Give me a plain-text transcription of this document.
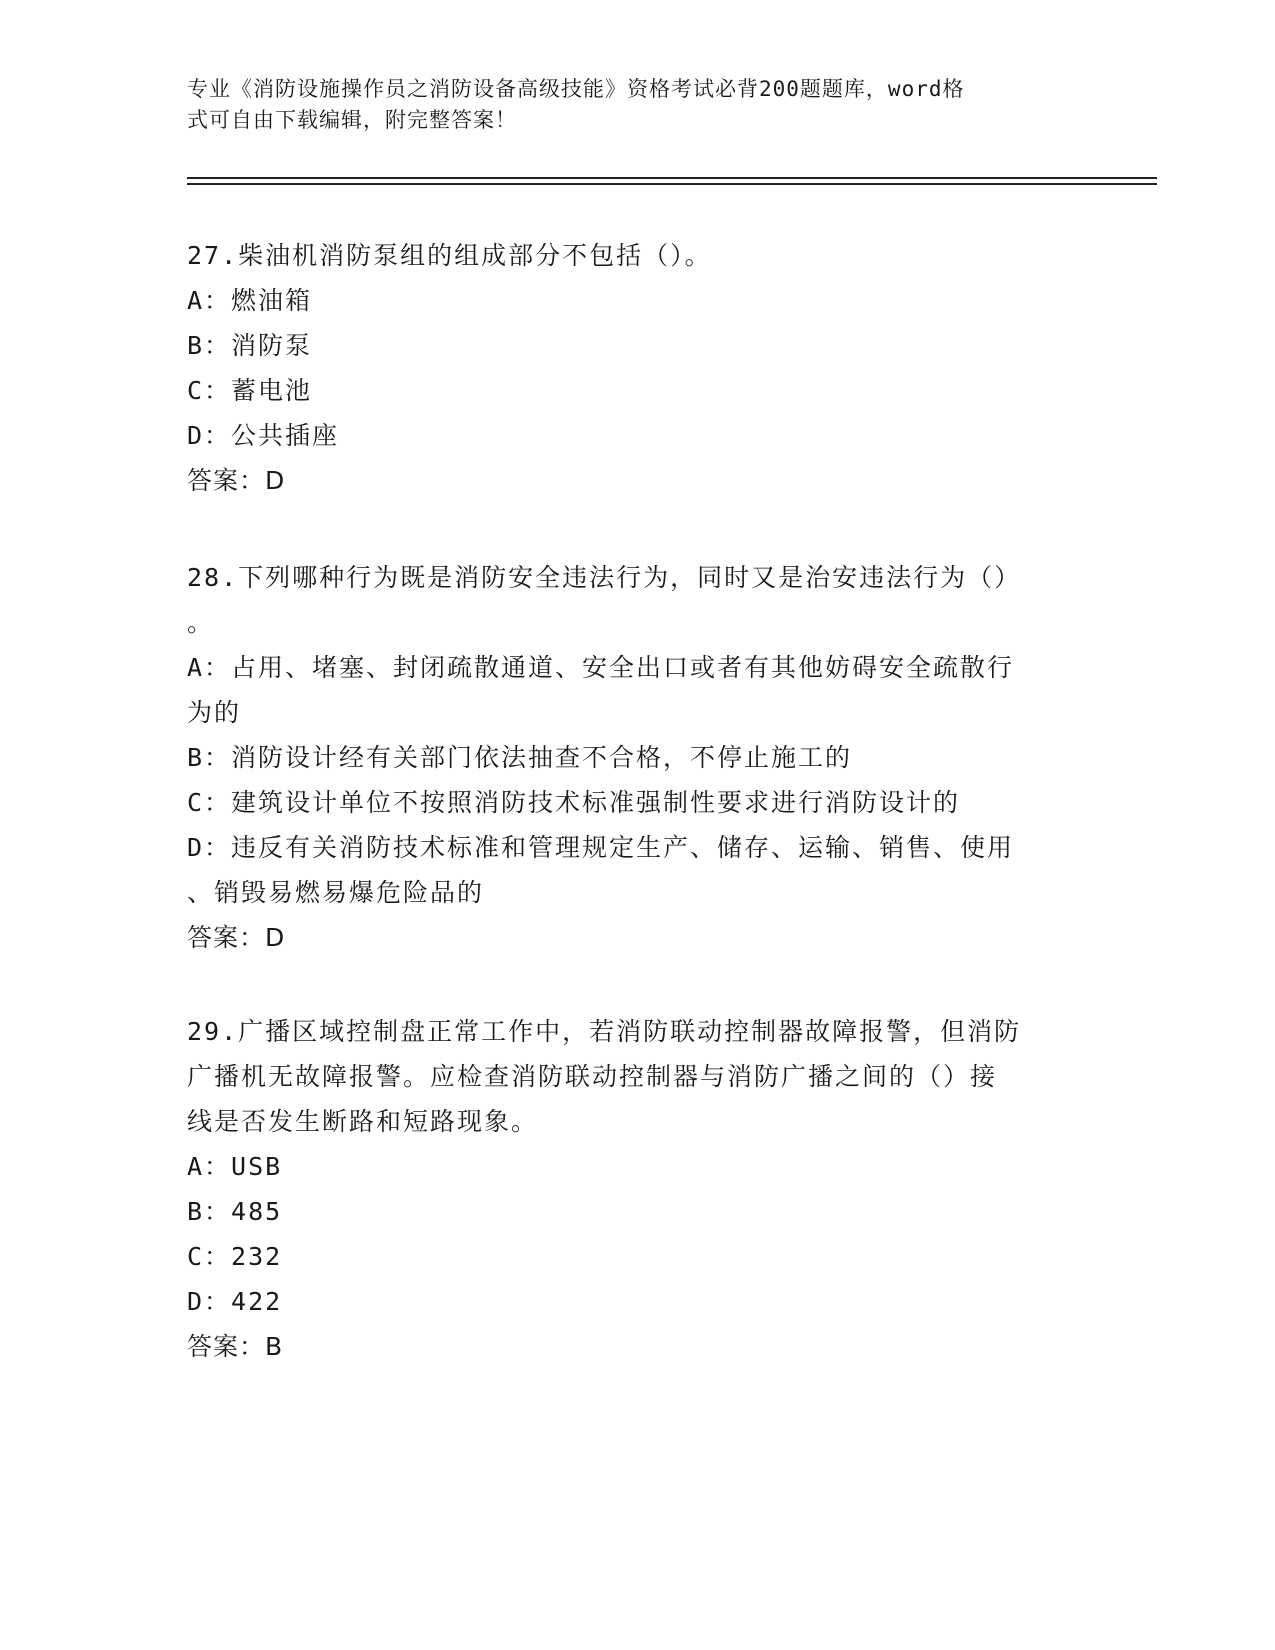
专业《消防设施操作员之消防设备高级技能》资格考试必背200题题库，word格
式可自由下载编辑，附完整答案！
27.柴油机消防泵组的组成部分不包括（）。
A：燃油箱
B：消防泵
C：蓄电池
D：公共插座
答案：D
28.下列哪种行为既是消防安全违法行为，同时又是治安违法行为（）
。
A：占用、堵塞、封闭疏散通道、安全出口或者有其他妨碍安全疏散行
为的
B：消防设计经有关部门依法抽查不合格，不停止施工的
C：建筑设计单位不按照消防技术标准强制性要求进行消防设计的
D：违反有关消防技术标准和管理规定生产、储存、运输、销售、使用
、销毁易燃易爆危险品的
答案：D
29.广播区域控制盘正常工作中，若消防联动控制器故障报警，但消防
广播机无故障报警。应检查消防联动控制器与消防广播之间的（）接
线是否发生断路和短路现象。
A：USB
B：485
C：232
D：422
答案：B
